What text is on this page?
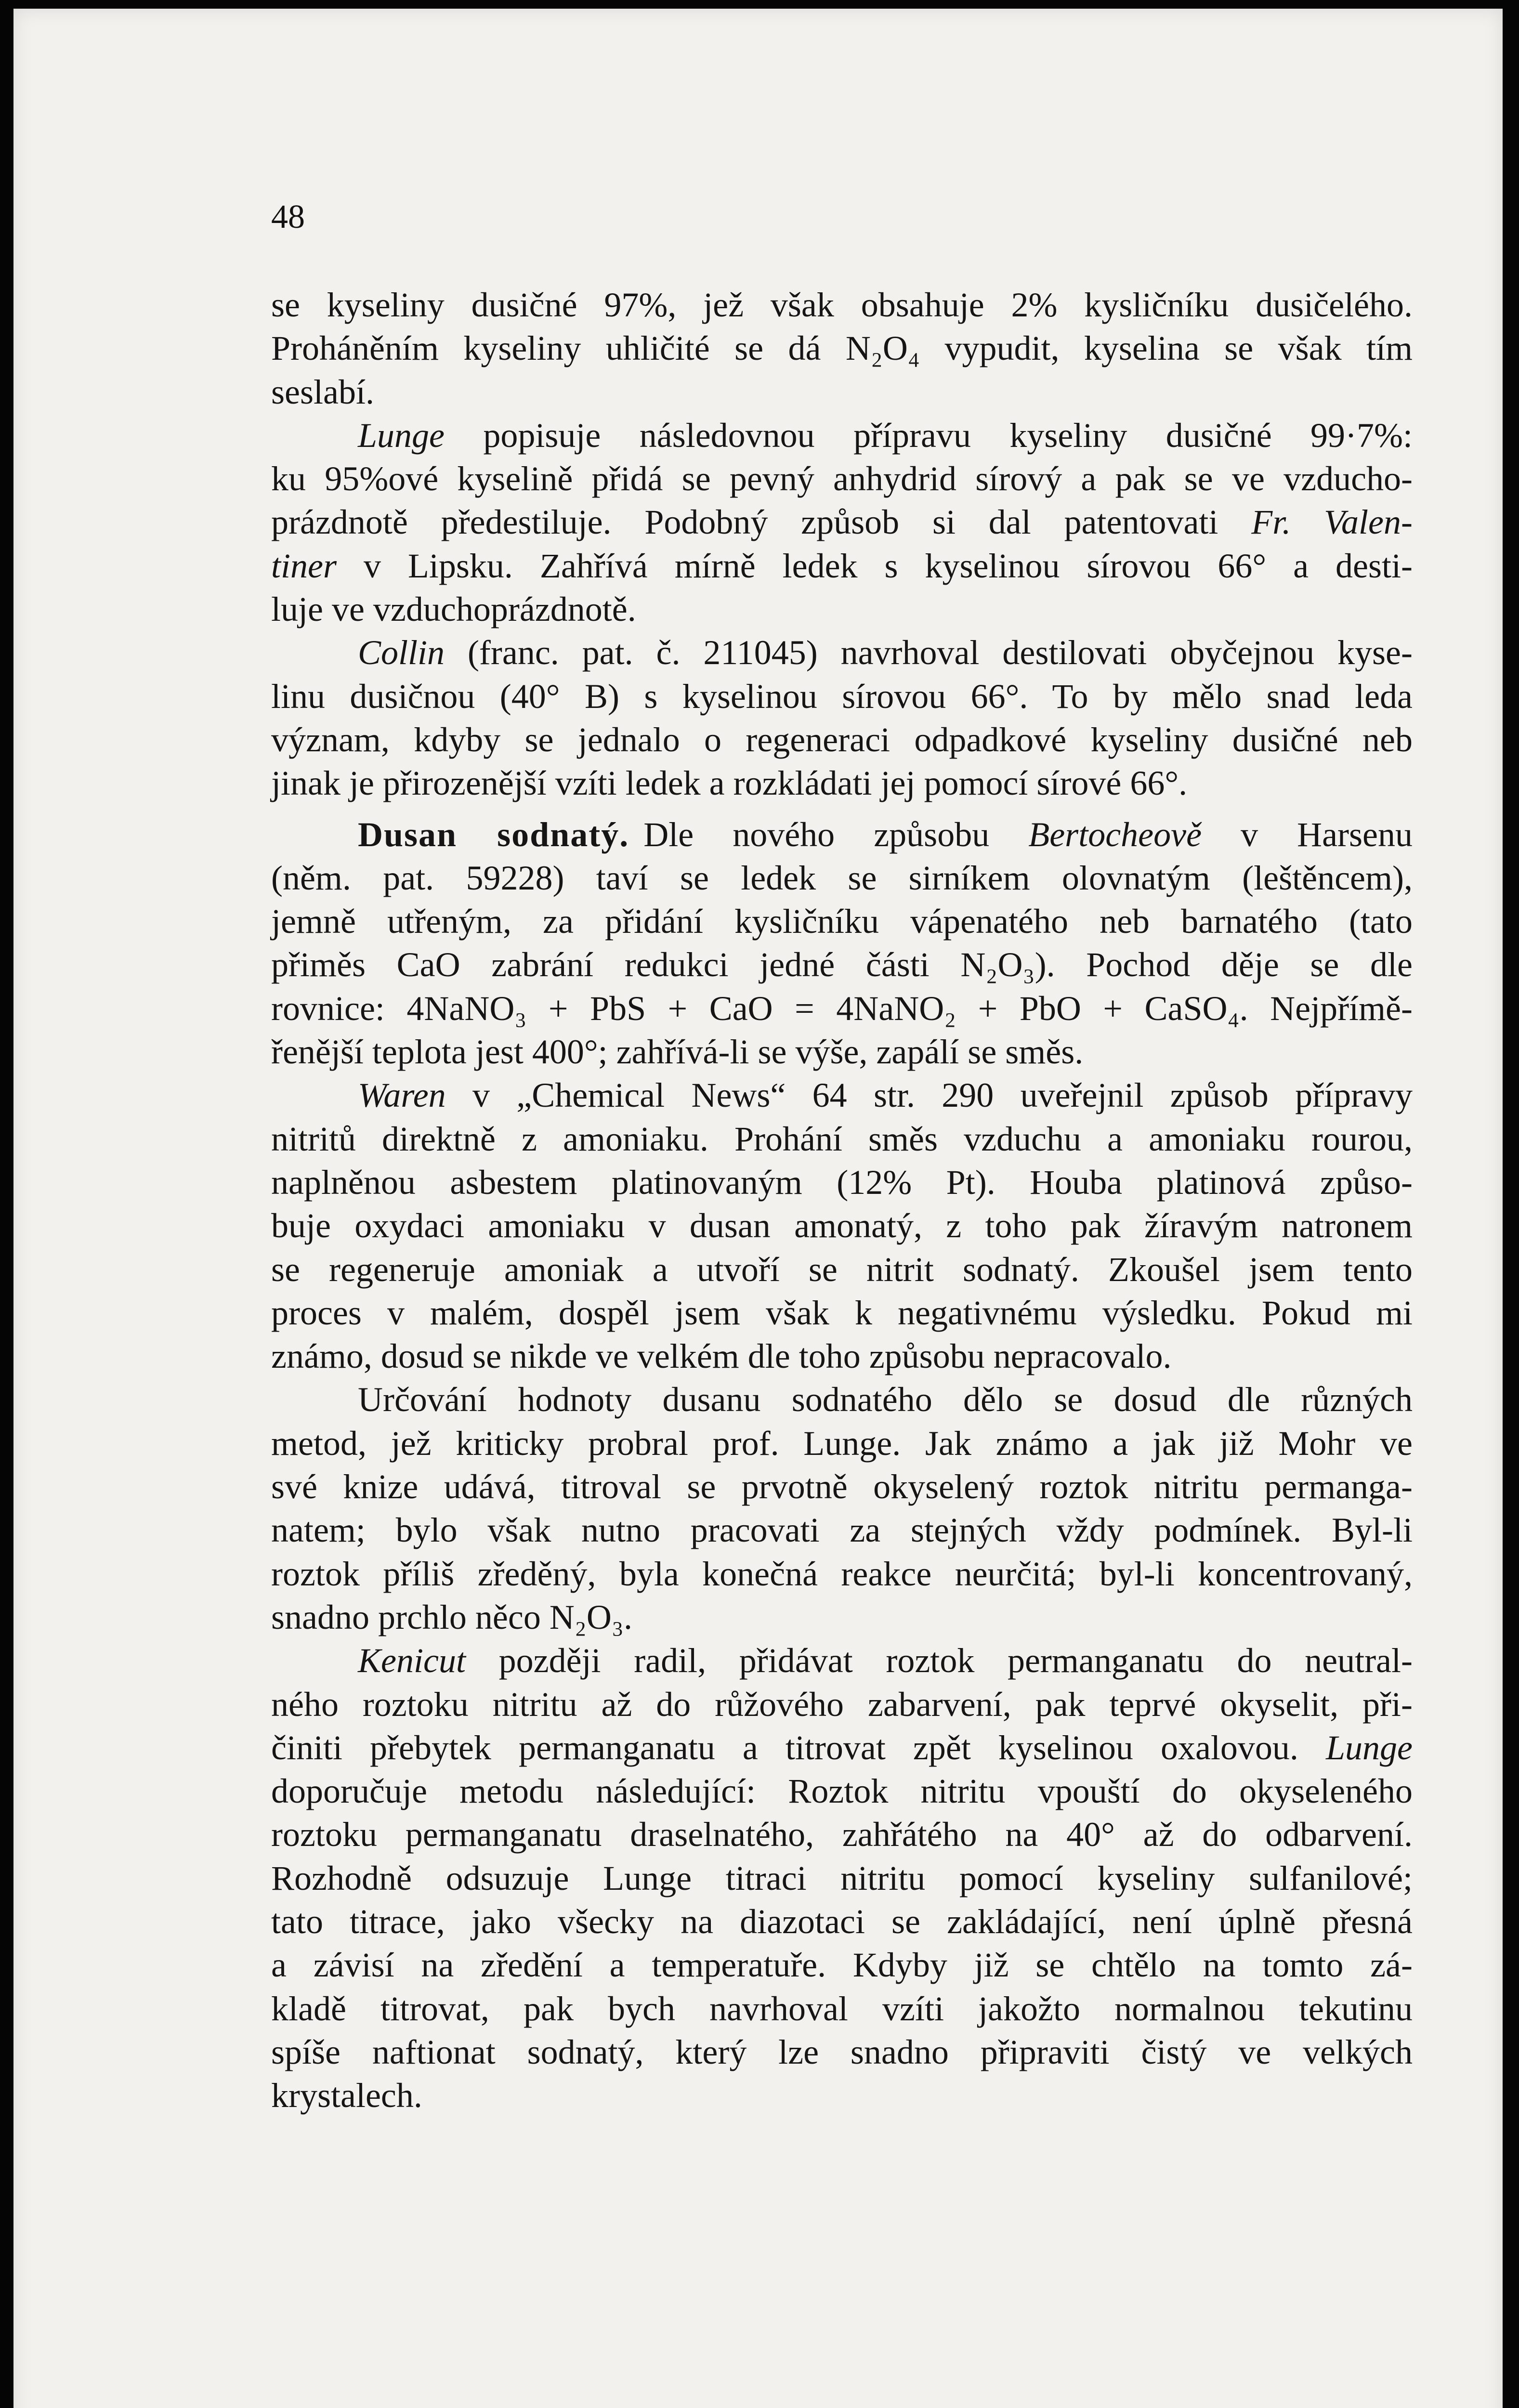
48
se kyseliny dusičné 97%, jež však obsahuje 2% kysličníku dusičelého.
Proháněním kyseliny uhličité se dá N₂O₄ vypudit, kyselina se však tím
seslabí.
Lunge popisuje následovnou přípravu kyseliny dusičné 99·7%:
ku 95%ové kyselině přidá se pevný anhydrid sírový a pak se ve vzducho-
prázdnotě předestiluje. Podobný způsob si dal patentovati Fr. Valen-
tiner v Lipsku. Zahřívá mírně ledek s kyselinou sírovou 66° a desti-
luje ve vzduchoprázdnotě.
Collin (franc. pat. č. 211045) navrhoval destilovati obyčejnou kyse-
linu dusičnou (40° B) s kyselinou sírovou 66°. To by mělo snad leda
význam, kdyby se jednalo o regeneraci odpadkové kyseliny dusičné neb
jinak je přirozenější vzíti ledek a rozkládati jej pomocí sírové 66°.
Dusan sodnatý. Dle nového způsobu Bertocheově v Harsenu
(něm. pat. 59228) taví se ledek se sirníkem olovnatým (leštěncem),
jemně utřeným, za přidání kysličníku vápenatého neb barnatého (tato
přiměs CaO zabrání redukci jedné části N₂O₃). Pochod děje se dle
rovnice: 4NaNO₃ + PbS + CaO = 4NaNO₂ + PbO + CaSO₄. Nejpřímě-
řenější teplota jest 400°; zahřívá-li se výše, zapálí se směs.
Waren v „Chemical News“ 64 str. 290 uveřejnil způsob přípravy
nitritů direktně z amoniaku. Prohání směs vzduchu a amoniaku rourou,
naplněnou asbestem platinovaným (12% Pt). Houba platinová způso-
buje oxydaci amoniaku v dusan amonatý, z toho pak žíravým natronem
se regeneruje amoniak a utvoří se nitrit sodnatý. Zkoušel jsem tento
proces v malém, dospěl jsem však k negativnému výsledku. Pokud mi
známo, dosud se nikde ve velkém dle toho způsobu nepracovalo.
Určování hodnoty dusanu sodnatého dělo se dosud dle různých
metod, jež kriticky probral prof. Lunge. Jak známo a jak již Mohr ve
své knize udává, titroval se prvotně okyselený roztok nitritu permanga-
natem; bylo však nutno pracovati za stejných vždy podmínek. Byl-li
roztok příliš zředěný, byla konečná reakce neurčitá; byl-li koncentrovaný,
snadno prchlo něco N₂O₃.
Kenicut později radil, přidávat roztok permanganatu do neutral-
ného roztoku nitritu až do růžového zabarvení, pak teprvé okyselit, při-
činiti přebytek permanganatu a titrovat zpět kyselinou oxalovou. Lunge
doporučuje metodu následující: Roztok nitritu vpouští do okyseleného
roztoku permanganatu draselnatého, zahřátého na 40° až do odbarvení.
Rozhodně odsuzuje Lunge titraci nitritu pomocí kyseliny sulfanilové;
tato titrace, jako všecky na diazotaci se zakládající, není úplně přesná
a závisí na zředění a temperatuře. Kdyby již se chtělo na tomto zá-
kladě titrovat, pak bych navrhoval vzíti jakožto normalnou tekutinu
spíše naftionat sodnatý, který lze snadno připraviti čistý ve velkých
krystalech.
